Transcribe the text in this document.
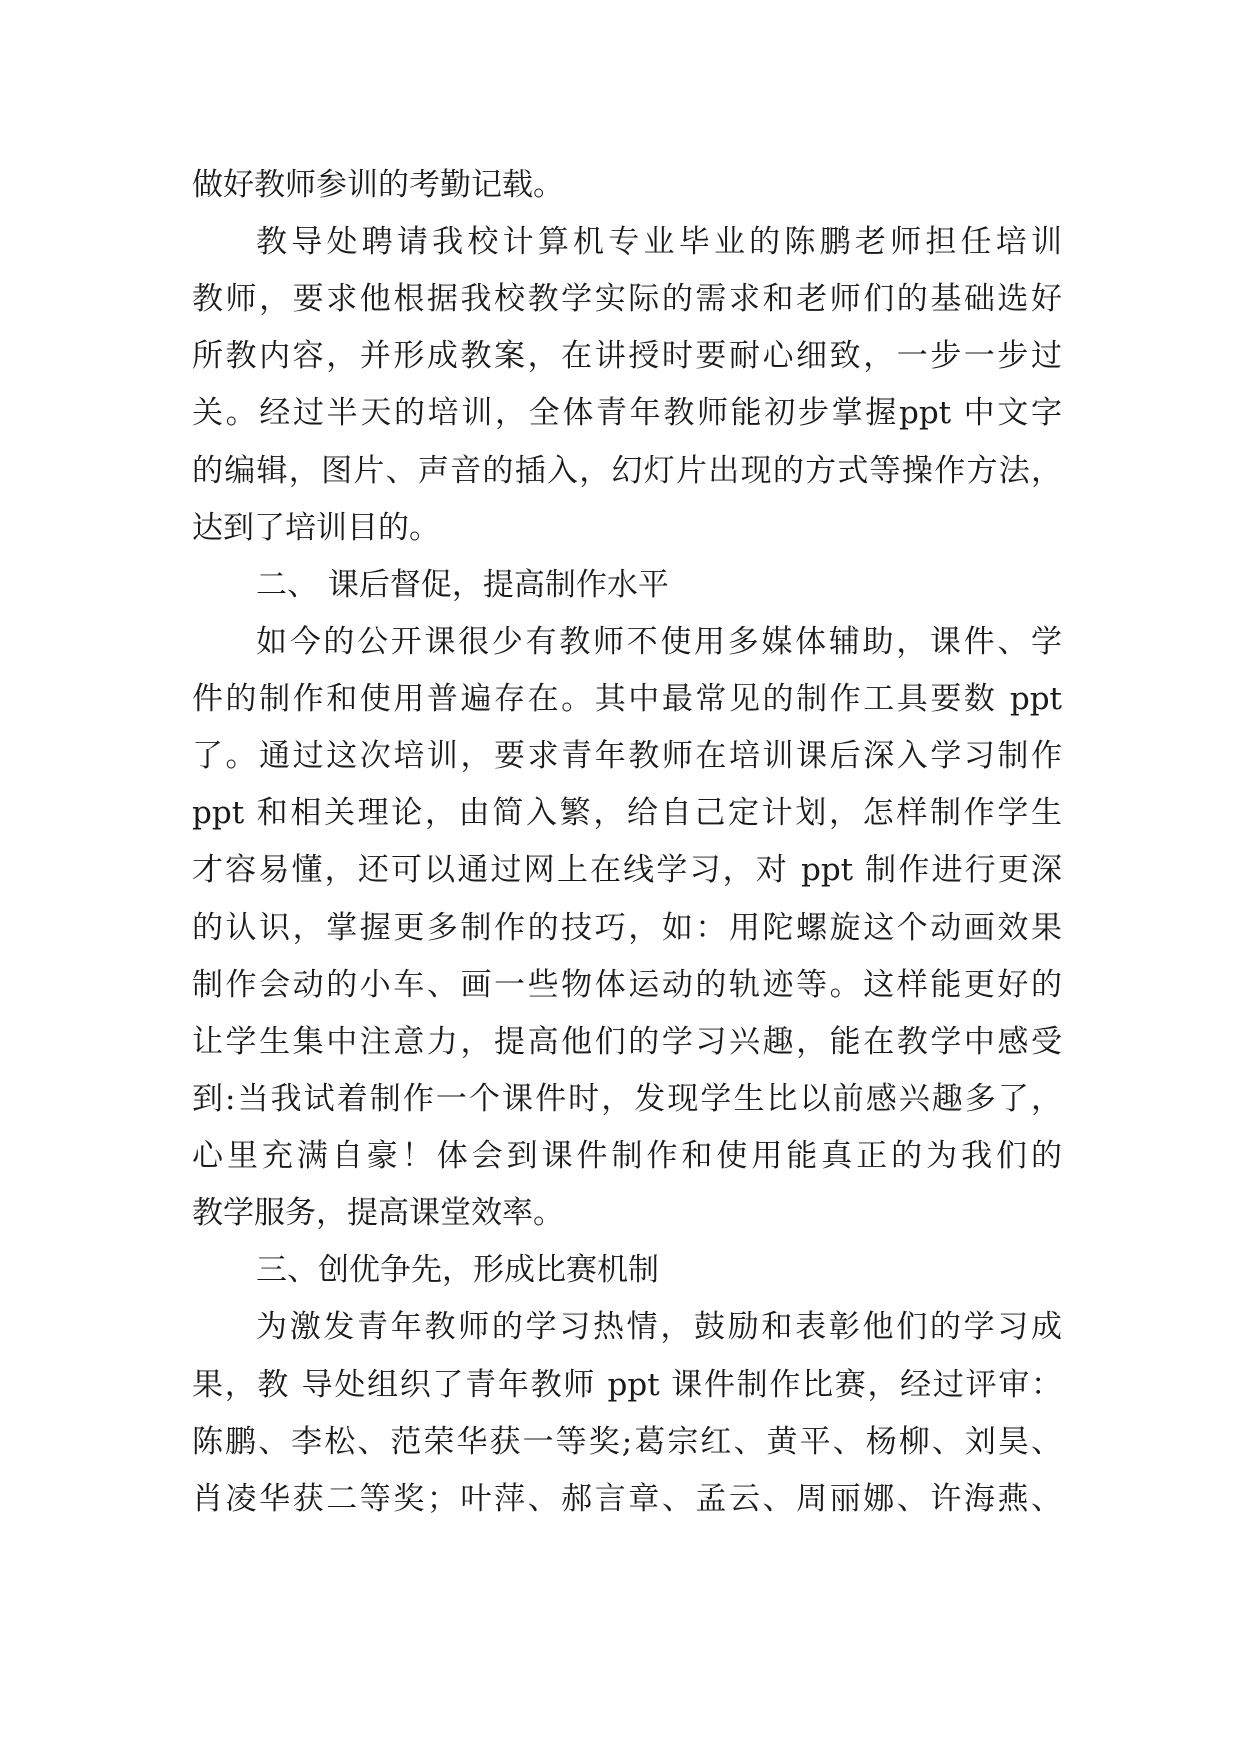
做好教师参训的考勤记载。
教导处聘请我校计算机专业毕业的陈鹏老师担任培训
教师，要求他根据我校教学实际的需求和老师们的基础选好
所教内容，并形成教案，在讲授时要耐心细致，一步一步过
关。经过半天的培训，全体青年教师能初步掌握ppt 中文字
的编辑，图片、声音的插入，幻灯片出现的方式等操作方法，
达到了培训目的。
二、 课后督促，提高制作水平
如今的公开课很少有教师不使用多媒体辅助，课件、学
件的制作和使用普遍存在。其中最常见的制作工具要数 ppt
了。通过这次培训，要求青年教师在培训课后深入学习制作
ppt 和相关理论，由简入繁，给自己定计划，怎样制作学生
才容易懂，还可以通过网上在线学习，对 ppt 制作进行更深
的认识，掌握更多制作的技巧，如：用陀螺旋这个动画效果
制作会动的小车、画一些物体运动的轨迹等。这样能更好的
让学生集中注意力，提高他们的学习兴趣，能在教学中感受
到:当我试着制作一个课件时，发现学生比以前感兴趣多了，
心里充满自豪！体会到课件制作和使用能真正的为我们的
教学服务，提高课堂效率。
三、创优争先，形成比赛机制
为激发青年教师的学习热情，鼓励和表彰他们的学习成
果，教 导处组织了青年教师 ppt 课件制作比赛，经过评审：
陈鹏、李松、范荣华获一等奖;葛宗红、黄平、杨柳、刘昊、
肖凌华获二等奖；叶萍、郝言章、孟云、周丽娜、许海燕、
